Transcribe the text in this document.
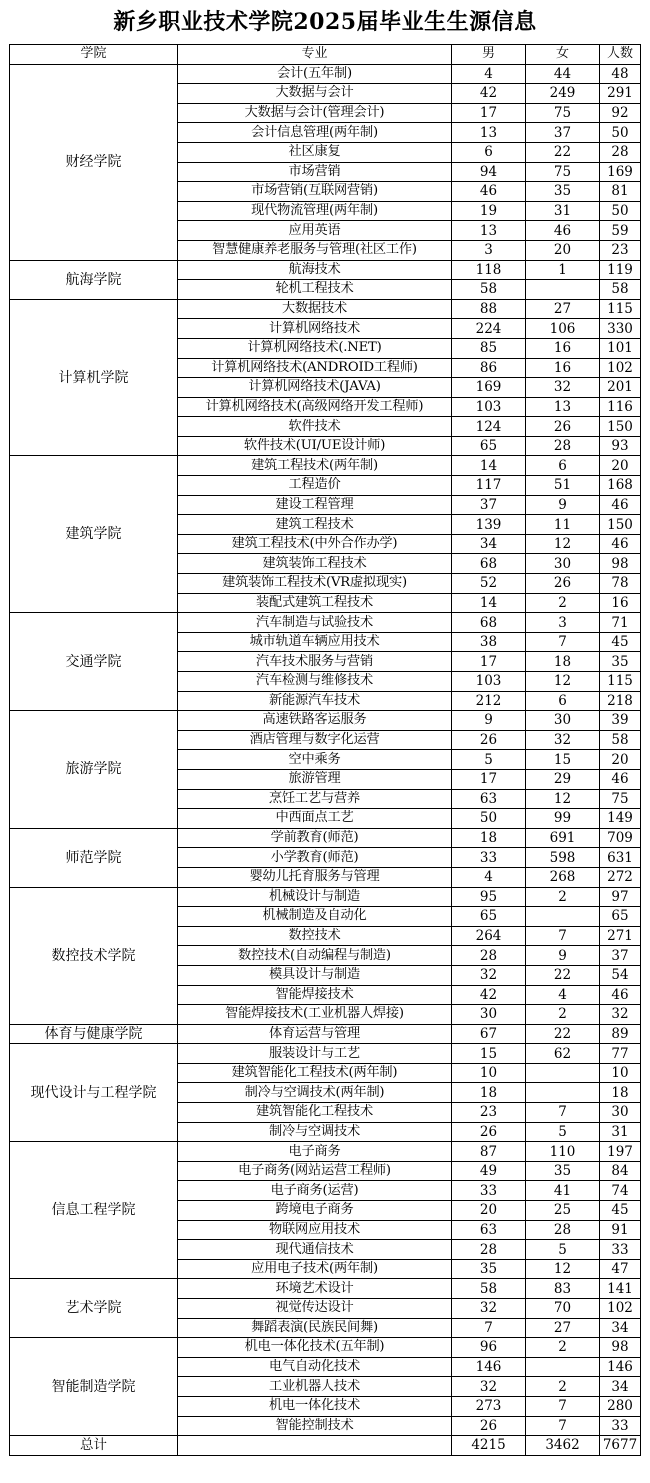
新乡职业技术学院2025届毕业生生源信息
学院	专业	男	女	人数
财经学院	会计(五年制)	4	44	48
	大数据与会计	42	249	291
	大数据与会计(管理会计)	17	75	92
	会计信息管理(两年制)	13	37	50
	社区康复	6	22	28
	市场营销	94	75	169
	市场营销(互联网营销)	46	35	81
	现代物流管理(两年制)	19	31	50
	应用英语	13	46	59
	智慧健康养老服务与管理(社区工作)	3	20	23
航海学院	航海技术	118	1	119
	轮机工程技术	58		58
计算机学院	大数据技术	88	27	115
	计算机网络技术	224	106	330
	计算机网络技术(.NET)	85	16	101
	计算机网络技术(ANDROID工程师)	86	16	102
	计算机网络技术(JAVA)	169	32	201
	计算机网络技术(高级网络开发工程师)	103	13	116
	软件技术	124	26	150
	软件技术(UI/UE设计师)	65	28	93
建筑学院	建筑工程技术(两年制)	14	6	20
	工程造价	117	51	168
	建设工程管理	37	9	46
	建筑工程技术	139	11	150
	建筑工程技术(中外合作办学)	34	12	46
	建筑装饰工程技术	68	30	98
	建筑装饰工程技术(VR虚拟现实)	52	26	78
	装配式建筑工程技术	14	2	16
交通学院	汽车制造与试验技术	68	3	71
	城市轨道车辆应用技术	38	7	45
	汽车技术服务与营销	17	18	35
	汽车检测与维修技术	103	12	115
	新能源汽车技术	212	6	218
旅游学院	高速铁路客运服务	9	30	39
	酒店管理与数字化运营	26	32	58
	空中乘务	5	15	20
	旅游管理	17	29	46
	烹饪工艺与营养	63	12	75
	中西面点工艺	50	99	149
师范学院	学前教育(师范)	18	691	709
	小学教育(师范)	33	598	631
	婴幼儿托育服务与管理	4	268	272
数控技术学院	机械设计与制造	95	2	97
	机械制造及自动化	65		65
	数控技术	264	7	271
	数控技术(自动编程与制造)	28	9	37
	模具设计与制造	32	22	54
	智能焊接技术	42	4	46
	智能焊接技术(工业机器人焊接)	30	2	32
体育与健康学院	体育运营与管理	67	22	89
现代设计与工程学院	服装设计与工艺	15	62	77
	建筑智能化工程技术(两年制)	10		10
	制冷与空调技术(两年制)	18		18
	建筑智能化工程技术	23	7	30
	制冷与空调技术	26	5	31
信息工程学院	电子商务	87	110	197
	电子商务(网站运营工程师)	49	35	84
	电子商务(运营)	33	41	74
	跨境电子商务	20	25	45
	物联网应用技术	63	28	91
	现代通信技术	28	5	33
	应用电子技术(两年制)	35	12	47
艺术学院	环境艺术设计	58	83	141
	视觉传达设计	32	70	102
	舞蹈表演(民族民间舞)	7	27	34
智能制造学院	机电一体化技术(五年制)	96	2	98
	电气自动化技术	146		146
	工业机器人技术	32	2	34
	机电一体化技术	273	7	280
	智能控制技术	26	7	33
总计		4215	3462	7677
